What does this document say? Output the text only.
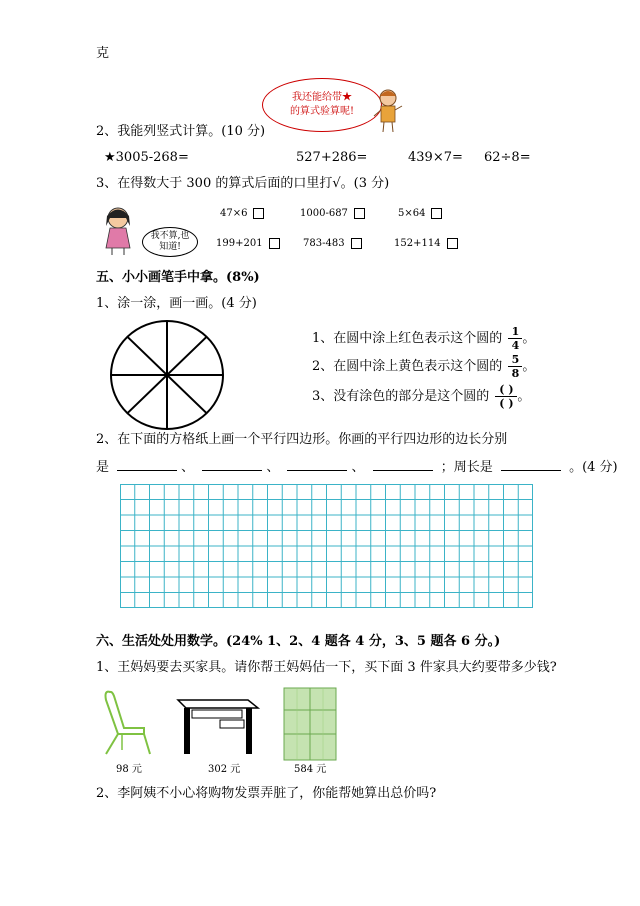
克
我还能给带★
的算式验算呢!
2、我能列竖式计算。(10 分)
★3005-268=	527+286=	439×7= 62÷8=
3、在得数大于 300 的算式后面的口里打√。(3 分)
我不算,也
知道!
47×6	1000-687	5×64
199+201	783-483	152+114
五、小小画笔手中拿。(8%)
1、涂一涂，画一画。(4 分)
1、在圆中涂上红色表示这个圆的 $\frac{1}{4}$ 。
2、在圆中涂上黄色表示这个圆的 $\frac{5}{8}$ 。
3、没有涂色的部分是这个圆的 $\frac{( )}{( )}$ 。
2、在下面的方格纸上画一个平行四边形。你画的平行四边形的边长分别
是	、	、	、	；周长是	。(4 分)
六、生活处处用数学。(24% 1、2、4 题各 4 分，3、5 题各 6 分。)
1、王妈妈要去买家具。请你帮王妈妈估一下，买下面 3 件家具大约要带多少钱?
98 元	302 元	584 元
2、李阿姨不小心将购物发票弄脏了，你能帮她算出总价吗?
